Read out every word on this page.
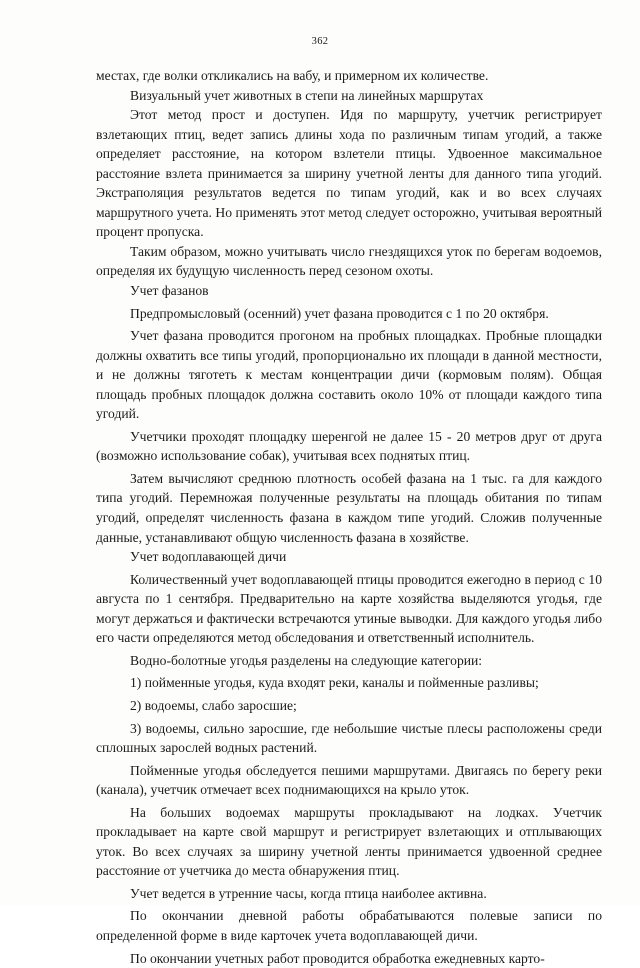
362

местах, где волки откликались на вабу, и примерном их количестве.

Визуальный учет животных в степи на линейных маршрутах

Этот метод прост и доступен. Идя по маршруту, учетчик регистрирует взлетающих птиц, ведет запись длины хода по различным типам угодий, а также определяет расстояние, на котором взлетели птицы. Удвоенное максимальное расстояние взлета принимается за ширину учетной ленты для данного типа угодий. Экстраполяция результатов ведется по типам угодий, как и во всех случаях маршрутного учета. Но применять этот метод следует осторожно, учитывая вероятный процент пропуска.

Таким образом, можно учитывать число гнездящихся уток по берегам водоемов, определяя их будущую численность перед сезоном охоты.

Учет фазанов

Предпромысловый (осенний) учет фазана проводится с 1 по 20 октября.

Учет фазана проводится прогоном на пробных площадках. Пробные площадки должны охватить все типы угодий, пропорционально их площади в данной местности, и не должны тяготеть к местам концентрации дичи (кормовым полям). Общая площадь пробных площадок должна составить около 10% от площади каждого типа угодий.

Учетчики проходят площадку шеренгой не далее 15 - 20 метров друг от друга (возможно использование собак), учитывая всех поднятых птиц.

Затем вычисляют среднюю плотность особей фазана на 1 тыс. га для каждого типа угодий. Перемножая полученные результаты на площадь обитания по типам угодий, определят численность фазана в каждом типе угодий. Сложив полученные данные, устанавливают общую численность фазана в хозяйстве.

Учет водоплавающей дичи

Количественный учет водоплавающей птицы проводится ежегодно в период с 10 августа по 1 сентября. Предварительно на карте хозяйства выделяются угодья, где могут держаться и фактически встречаются утиные выводки. Для каждого угодья либо его части определяются метод обследования и ответственный исполнитель.

Водно-болотные угодья разделены на следующие категории:

1) пойменные угодья, куда входят реки, каналы и пойменные разливы;

2) водоемы, слабо заросшие;

3) водоемы, сильно заросшие, где небольшие чистые плесы расположены среди сплошных зарослей водных растений.

Пойменные угодья обследуется пешими маршрутами. Двигаясь по берегу реки (канала), учетчик отмечает всех поднимающихся на крыло уток.

На больших водоемах маршруты прокладывают на лодках. Учетчик прокладывает на карте свой маршрут и регистрирует взлетающих и отплывающих уток. Во всех случаях за ширину учетной ленты принимается удвоенной среднее расстояние от учетчика до места обнаружения птиц.

Учет ведется в утренние часы, когда птица наиболее активна.

По окончании дневной работы обрабатываются полевые записи по определенной форме в виде карточек учета водоплавающей дичи.

По окончании учетных работ проводится обработка ежедневных карто-
